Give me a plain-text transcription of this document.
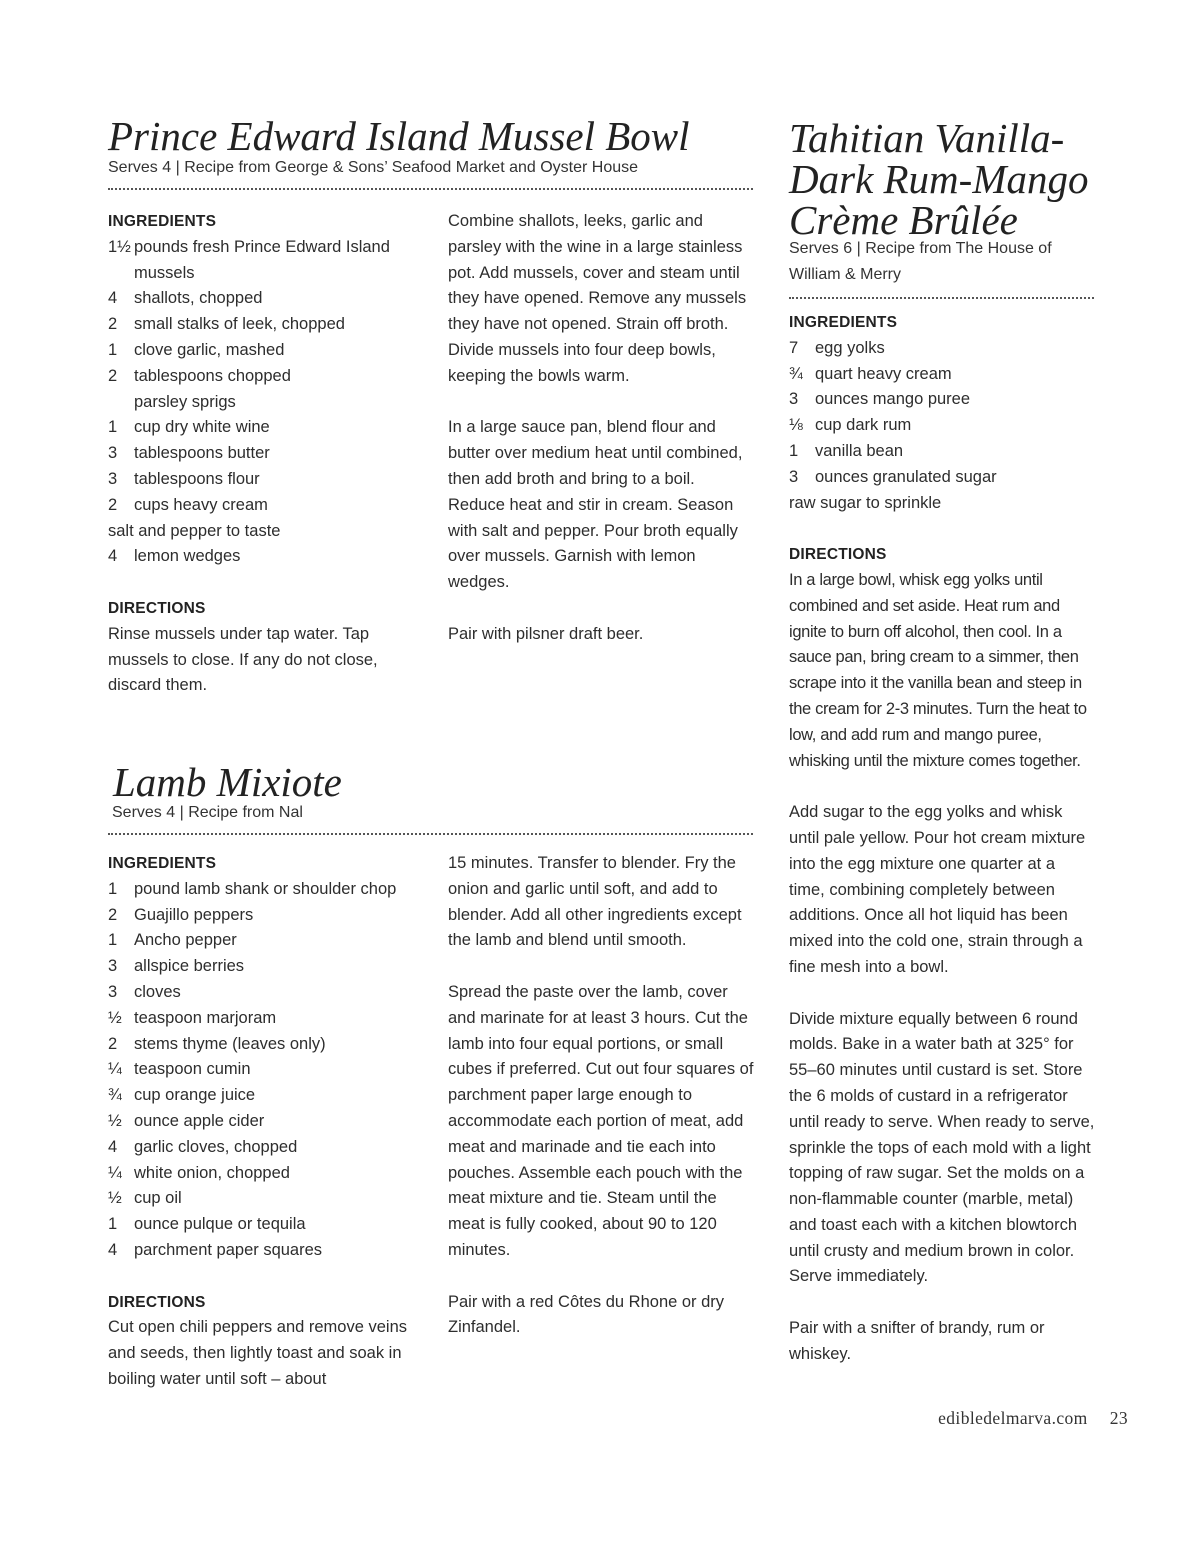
Prince Edward Island Mussel Bowl

Serves 4 | Recipe from George & Sons’ Seafood Market and Oyster House

INGREDIENTS

1½ pounds fresh Prince Edward Island mussels
4 shallots, chopped
2 small stalks of leek, chopped
1 clove garlic, mashed
2 tablespoons chopped parsley sprigs
1 cup dry white wine
3 tablespoons butter
3 tablespoons flour
2 cups heavy cream
salt and pepper to taste
4 lemon wedges

DIRECTIONS

Rinse mussels under tap water. Tap mussels to close. If any do not close, discard them.

Combine shallots, leeks, garlic and parsley with the wine in a large stainless pot. Add mussels, cover and steam until they have opened. Remove any mussels they have not opened. Strain off broth. Divide mussels into four deep bowls, keeping the bowls warm.

In a large sauce pan, blend flour and butter over medium heat until combined, then add broth and bring to a boil. Reduce heat and stir in cream. Season with salt and pepper. Pour broth equally over mussels. Garnish with lemon wedges.

Pair with pilsner draft beer.

Lamb Mixiote

Serves 4 | Recipe from Nal

INGREDIENTS

1 pound lamb shank or shoulder chop
2 Guajillo peppers
1 Ancho pepper
3 allspice berries
3 cloves
½ teaspoon marjoram
2 stems thyme (leaves only)
¼ teaspoon cumin
¾ cup orange juice
½ ounce apple cider
4 garlic cloves, chopped
¼ white onion, chopped
½ cup oil
1 ounce pulque or tequila
4 parchment paper squares

DIRECTIONS

Cut open chili peppers and remove veins and seeds, then lightly toast and soak in boiling water until soft – about

15 minutes. Transfer to blender. Fry the onion and garlic until soft, and add to blender. Add all other ingredients except the lamb and blend until smooth.

Spread the paste over the lamb, cover and marinate for at least 3 hours. Cut the lamb into four equal portions, or small cubes if preferred. Cut out four squares of parchment paper large enough to accommodate each portion of meat, add meat and marinade and tie each into pouches. Assemble each pouch with the meat mixture and tie. Steam until the meat is fully cooked, about 90 to 120 minutes.

Pair with a red Côtes du Rhone or dry Zinfandel.

Tahitian Vanilla-
Dark Rum-Mango
Crème Brûlée

Serves 6 | Recipe from The House of William & Merry

INGREDIENTS

7 egg yolks
¾ quart heavy cream
3 ounces mango puree
⅛ cup dark rum
1 vanilla bean
3 ounces granulated sugar
raw sugar to sprinkle

DIRECTIONS

In a large bowl, whisk egg yolks until combined and set aside. Heat rum and ignite to burn off alcohol, then cool. In a sauce pan, bring cream to a simmer, then scrape into it the vanilla bean and steep in the cream for 2-3 minutes. Turn the heat to low, and add rum and mango puree, whisking until the mixture comes together.

Add sugar to the egg yolks and whisk until pale yellow. Pour hot cream mixture into the egg mixture one quarter at a time, combining completely between additions. Once all hot liquid has been mixed into the cold one, strain through a fine mesh into a bowl.

Divide mixture equally between 6 round molds. Bake in a water bath at 325° for 55–60 minutes until custard is set. Store the 6 molds of custard in a refrigerator until ready to serve. When ready to serve, sprinkle the tops of each mold with a light topping of raw sugar. Set the molds on a non-flammable counter (marble, metal) and toast each with a kitchen blowtorch until crusty and medium brown in color. Serve immediately.

Pair with a snifter of brandy, rum or whiskey.

edibledelmarva.com 23
